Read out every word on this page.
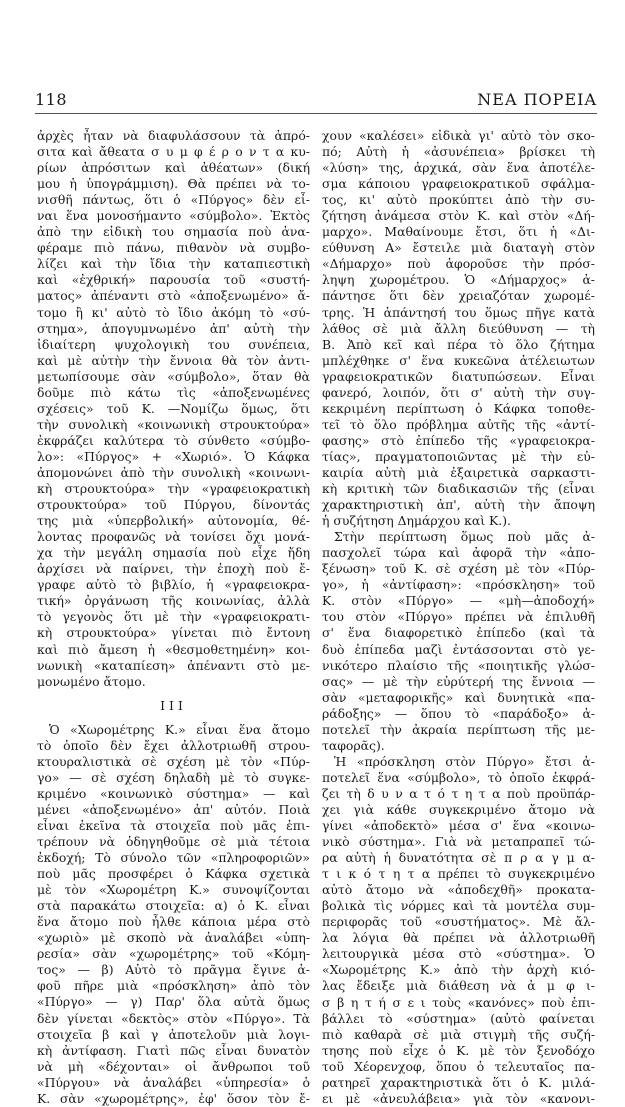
118	ΝΕΑ ΠΟΡΕΙΑ
ἀρχὲς ἦταν νὰ διαφυλάσσουν τὰ ἀπρό-
σιτα καὶ ἄθεατα σ υ μ φ έ ρ ο ν τ α κυ-
ρίων ἀπρόσιτων καὶ ἀθέατων» (δική
μου ἡ ὑπογράμμιση). Θὰ πρέπει νὰ το-
νισθῆ πάντως, ὅτι ὁ «Πύργος» δὲν εἶ-
ναι ἕνα μονοσήμαντο «σύμβολο». Ἐκτὸς
ἀπὸ την εἰδικὴ του σημασία ποὺ ἀνα-
φέραμε πιὸ πάνω, πιθανὸν νὰ συμβο-
λίζει καὶ τὴν ἴδια τὴν καταπιεστικὴ
καὶ «ἐχθρική» παρουσία τοῦ «συστή-
ματος» ἀπέναντι στὸ «ἀποξενωμένο» ἄ-
τομο ἢ κι' αὐτὸ τὸ ἴδιο ἀκόμη τὸ «σύ-
στημα», ἀπογυμνωμένο ἀπ' αὐτὴ τὴν
ἰδιαίτερη ψυχολογικὴ του συνέπεια,
καὶ μὲ αὐτὴν τὴν ἔννοια θὰ τὸν ἀντι-
μετωπίσουμε σὰν «σύμβολο», ὅταν θὰ
δοῦμε πιὸ κάτω τὶς «ἀποξενωμένες
σχέσεις» τοῦ Κ. —Νομίζω ὅμως, ὅτι
τὴν συνολικὴ «κοινωνικὴ στρουκτούρα»
ἐκφράζει καλύτερα τὸ σύνθετο «σύμβο-
λο»: «Πύργος» + «Χωριό». Ὁ Κάφκα
ἀπομονώνει ἀπὸ τὴν συνολικὴ «κοινωνι-
κὴ στρουκτούρα» τὴν «γραφειοκρατικὴ
στρουκτούρα» τοῦ Πύργου, δίνοντάς
της μιὰ «ὑπερβολική» αὐτονομία, θέ-
λοντας προφανῶς νὰ τονίσει ὄχι μονά-
χα τὴν μεγάλη σημασία ποὺ εἶχε ἤδη
ἀρχίσει νὰ παίρνει, τὴν ἐποχὴ ποὺ ἔ-
γραφε αὐτὸ τὸ βιβλίο, ἡ «γραφειοκρα-
τική» ὀργάνωση τῆς κοινωνίας, ἀλλὰ
τὸ γεγονὸς ὅτι μὲ τὴν «γραφειοκρατι-
κὴ στρουκτούρα» γίνεται πιὸ ἔντονη
καὶ πιὸ ἄμεση ἡ «θεσμοθετημένη» κοι-
νωνικὴ «καταπίεση» ἀπέναντι στὸ με-
μονωμένο ἄτομο.
III
Ὁ «Χωρομέτρης Κ.» εἶναι ἕνα ἄτομο
τὸ ὁποῖο δὲν ἔχει ἀλλοτριωθῆ στρου-
κτουραλιστικὰ σὲ σχέση μὲ τὸν «Πύρ-
γο» — σὲ σχέση δηλαδὴ μὲ τὸ συγκε-
κριμένο «κοινωνικὸ σύστημα» — καὶ
μένει «ἀποξενωμένο» ἀπ' αὐτόν. Ποιὰ
εἶναι ἐκεῖνα τὰ στοιχεῖα ποὺ μᾶς ἐπι-
τρέπουν νὰ ὁδηγηθοῦμε σὲ μιὰ τέτοια
ἐκδοχή; Τὸ σύνολο τῶν «πληροφοριῶν»
ποὺ μᾶς προσφέρει ὁ Κάφκα σχετικὰ
μὲ τὸν «Χωρομέτρη Κ.» συνοψίζονται
στὰ παρακάτω στοιχεῖα: α) ὁ Κ. εἶναι
ἕνα ἄτομο ποὺ ἦλθε κάποια μέρα στὸ
«χωριὸ» μὲ σκοπὸ νὰ ἀναλάβει «ὑπη-
ρεσία» σὰν «χωρομέτρης» τοῦ «Κόμη-
τος» — β) Αὐτὸ τὸ πρᾶγμα ἔγινε ἀ-
φοῦ πῆρε μιὰ «πρόσκληση» ἀπὸ τὸν
«Πύργο» — γ) Παρ' ὅλα αὐτὰ ὅμως
δὲν γίνεται «δεκτὸς» στὸν «Πύργο». Τὰ
στοιχεῖα β καὶ γ ἀποτελοῦν μιὰ λογι-
κὴ ἀντίφαση. Γιατὶ πῶς εἶναι δυνατὸν
νὰ μὴ «δέχονται» οἱ ἄνθρωποι τοῦ
«Πύργου» νὰ ἀναλάβει «ὑπηρεσία» ὁ
Κ. σὰν «χωρομέτρης», ἐφ' ὅσον τὸν ἔ-
χουν «καλέσει» εἰδικὰ γι' αὐτὸ τὸν σκο-
πό; Αὐτὴ ἡ «ἀσυνέπεια» βρίσκει τὴ
«λύση» της, ἀρχικά, σὰν ἕνα ἀποτέλε-
σμα κάποιου γραφειοκρατικοῦ σφάλμα-
τος, κι' αὐτὸ προκύπτει ἀπὸ τὴν συ-
ζήτηση ἀνάμεσα στὸν Κ. καὶ στὸν «Δή-
μαρχο». Μαθαίνουμε ἔτσι, ὅτι ἡ «Δι-
εύθυνση Α» ἔστειλε μιὰ διαταγὴ στὸν
«Δήμαρχο» ποὺ ἀφοροῦσε τὴν πρόσ-
ληψη χωρομέτρου. Ὁ «Δήμαρχος» ἀ-
πάντησε ὅτι δὲν χρειαζόταν χωρομέ-
τρης. Ἡ ἀπάντησή του ὅμως πῆγε κατὰ
λάθος σὲ μιὰ ἄλλη διεύθυνση — τὴ
Β. Ἀπὸ κεῖ καὶ πέρα τὸ ὅλο ζήτημα
μπλέχθηκε σ' ἕνα κυκεῶνα ἀτέλειωτων
γραφειοκρατικῶν διατυπώσεων. Εἶναι
φανερό, λοιπόν, ὅτι σ' αὐτὴ τὴν συγ-
κεκριμένη περίπτωση ὁ Κάφκα τοποθε-
τεῖ τὸ ὅλο πρόβλημα αὐτῆς τῆς «ἀντί-
φασης» στὸ ἐπίπεδο τῆς «γραφειοκρα-
τίας», πραγματοποιῶντας μὲ τὴν εὐ-
καιρία αὐτὴ μιὰ ἐξαιρετικὰ σαρκαστι-
κὴ κριτικὴ τῶν διαδικασιῶν τῆς (εἶναι
χαρακτηριστικὴ ἀπ', αὐτὴ τὴν ἄποψη
ἡ συζήτηση Δημάρχου καὶ Κ.).
Στὴν περίπτωση ὅμως ποὺ μᾶς ἀ-
πασχολεῖ τώρα καὶ ἀφορᾶ τὴν «ἀπο-
ξένωση» τοῦ Κ. σὲ σχέση μὲ τὸν «Πύρ-
γο», ἡ «ἀντίφαση»: «πρόσκληση» τοῦ
Κ. στὸν «Πύργο» — «μὴ—ἀποδοχή»
του στὸν «Πύργο» πρέπει νὰ ἐπιλυθῆ
σ' ἕνα διαφορετικὸ ἐπίπεδο (καὶ τὰ
δυὸ ἐπίπεδα μαζὶ ἐντάσσονται στὸ γε-
νικότερο πλαίσιο τῆς «ποιητικῆς γλώσ-
σας» — μὲ τὴν εὐρύτερή της ἔννοια —
σὰν «μεταφορικῆς» καὶ δυνητικὰ «πα-
ράδοξης» — ὅπου τὸ «παράδοξο» ἀ-
ποτελεῖ τὴν ἀκραία περίπτωση τῆς με-
ταφορᾶς).
Ἡ «πρόσκληση στὸν Πύργο» ἔτσι ἀ-
ποτελεῖ ἕνα «σύμβολο», τὸ ὁποῖο ἐκφρά-
ζει τὴ δ υ ν α τ ό τ η τ α ποὺ προϋπάρ-
χει γιὰ κάθε συγκεκριμένο ἄτομο νὰ
γίνει «ἀποδεκτὸ» μέσα σ' ἕνα «κοινω-
νικὸ σύστημα». Γιὰ νὰ μεταπραπεῖ τώ-
ρα αὐτὴ ἡ δυνατότητα σὲ π ρ α γ μ α-
τ ι κ ό τ η τ α πρέπει τὸ συγκεκριμένο
αὐτὸ ἄτομο νὰ «ἀποδεχθῆ» προκατα-
βολικὰ τὶς νόρμες καὶ τὰ μοντέλα συμ-
περιφορᾶς τοῦ «συστήματος». Μὲ ἄλ-
λα λόγια θὰ πρέπει νὰ ἀλλοτριωθῆ
λειτουργικὰ μέσα στὸ «σύστημα». Ὁ
«Χωρομέτρης Κ.» ἀπὸ τὴν ἀρχὴ κιό-
λας ἔδειξε μιὰ διάθεση νὰ ἀ μ φ ι-
σ β η τ ή σ ε ι τοὺς «κανόνες» ποὺ ἐπι-
βάλλει τὸ «σύστημα» (αὐτὸ φαίνεται
πιὸ καθαρὰ σὲ μιὰ στιγμὴ τῆς συζή-
τησης ποὺ εἶχε ὁ Κ. μὲ τὸν ξενοδόχο
τοῦ Χέορενχοφ, ὅπου ὁ τελευταῖος πα-
ρατηρεῖ χαρακτηριστικὰ ὅτι ὁ Κ. μιλά-
ει μὲ «ἀνευλάβεια» γιὰ τὸν «κανονι-
